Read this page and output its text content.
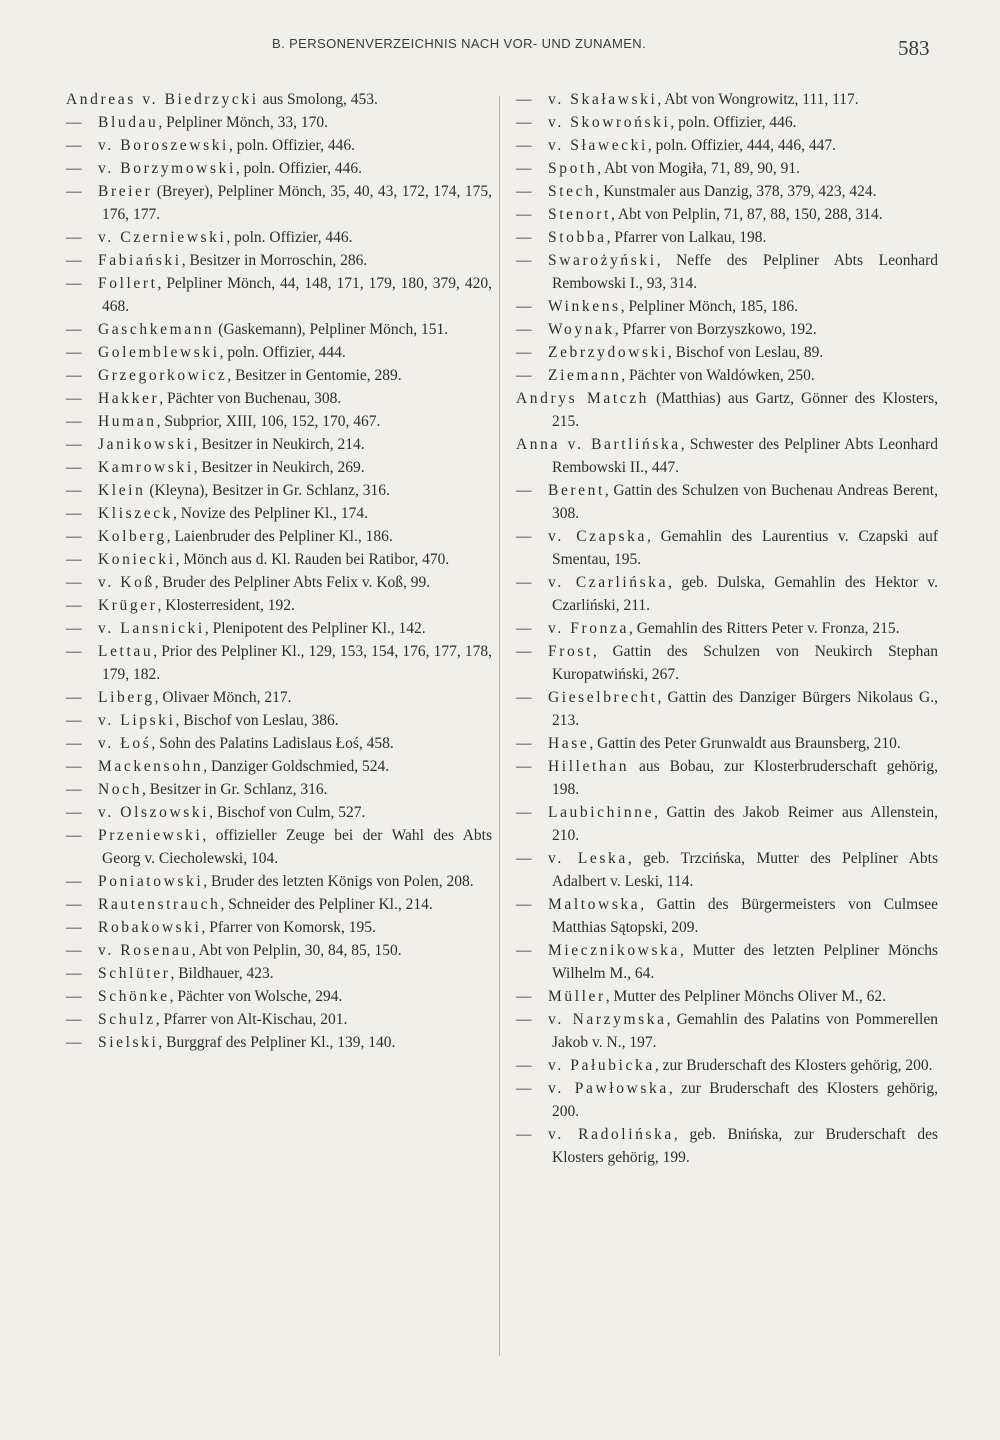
B. PERSONENVERZEICHNIS NACH VOR- UND ZUNAMEN.	583

Andreas v. Biedrzycki aus Smolong, 453.

— Bludau, Pelpliner Mönch, 33, 170.

— v. Boroszewski, poln. Offizier, 446.

— v. Borzymowski, poln. Offizier, 446.

— Breier (Breyer), Pelpliner Mönch, 35, 40, 43, 172, 174, 175, 176, 177.

— v. Czerniewski, poln. Offizier, 446.

— Fabiański, Besitzer in Morroschin, 286.

— Follert, Pelpliner Mönch, 44, 148, 171, 179, 180, 379, 420, 468.

— Gaschkemann (Gaskemann), Pelpliner Mönch, 151.

— Golemblewski, poln. Offizier, 444.

— Grzegorkowicz, Besitzer in Gentomie, 289.

— Hakker, Pächter von Buchenau, 308.

— Human, Subprior, XIII, 106, 152, 170, 467.

— Janikowski, Besitzer in Neukirch, 214.

— Kamrowski, Besitzer in Neukirch, 269.

— Klein (Kleyna), Besitzer in Gr. Schlanz, 316.

— Kliszeck, Novize des Pelpliner Kl., 174.

— Kolberg, Laienbruder des Pelpliner Kl., 186.

— Koniecki, Mönch aus d. Kl. Rauden bei Ratibor, 470.

— v. Koß, Bruder des Pelpliner Abts Felix v. Koß, 99.

— Krüger, Klosterresident, 192.

— v. Lansnicki, Plenipotent des Pelpliner Kl., 142.

— Lettau, Prior des Pelpliner Kl., 129, 153, 154, 176, 177, 178, 179, 182.

— Liberg, Olivaer Mönch, 217.

— v. Lipski, Bischof von Leslau, 386.

— v. Łoś, Sohn des Palatins Ladislaus Łoś, 458.

— Mackensohn, Danziger Goldschmied, 524.

— Noch, Besitzer in Gr. Schlanz, 316.

— v. Olszowski, Bischof von Culm, 527.

— Przeniewski, offizieller Zeuge bei der Wahl des Abts Georg v. Ciecholewski, 104.

— Poniatowski, Bruder des letzten Königs von Polen, 208.

— Rautenstrauch, Schneider des Pelpliner Kl., 214.

— Robakowski, Pfarrer von Komorsk, 195.

— v. Rosenau, Abt von Pelplin, 30, 84, 85, 150.

— Schlüter, Bildhauer, 423.

— Schönke, Pächter von Wolsche, 294.

— Schulz, Pfarrer von Alt-Kischau, 201.

— Sielski, Burggraf des Pelpliner Kl., 139, 140.

— v. Skaławski, Abt von Wongrowitz, 111, 117.

— v. Skowroński, poln. Offizier, 446.

— v. Sławecki, poln. Offizier, 444, 446, 447.

— Spoth, Abt von Mogiła, 71, 89, 90, 91.

— Stech, Kunstmaler aus Danzig, 378, 379, 423, 424.

— Stenort, Abt von Pelplin, 71, 87, 88, 150, 288, 314.

— Stobba, Pfarrer von Lalkau, 198.

— Swarożyński, Neffe des Pelpliner Abts Leonhard Rembowski I., 93, 314.

— Winkens, Pelpliner Mönch, 185, 186.

— Woynak, Pfarrer von Borzyszkowo, 192.

— Zebrzydowski, Bischof von Leslau, 89.

— Ziemann, Pächter von Waldówken, 250.

Andrys Matczh (Matthias) aus Gartz, Gönner des Klosters, 215.

Anna v. Bartlińska, Schwester des Pelpliner Abts Leonhard Rembowski II., 447.

— Berent, Gattin des Schulzen von Buchenau Andreas Berent, 308.

— v. Czapska, Gemahlin des Laurentius v. Czapski auf Smentau, 195.

— v. Czarlińska, geb. Dulska, Gemahlin des Hektor v. Czarliński, 211.

— v. Fronza, Gemahlin des Ritters Peter v. Fronza, 215.

— Frost, Gattin des Schulzen von Neukirch Stephan Kuropatwiński, 267.

— Gieselbrecht, Gattin des Danziger Bürgers Nikolaus G., 213.

— Hase, Gattin des Peter Grunwaldt aus Braunsberg, 210.

— Hillethan aus Bobau, zur Klosterbruderschaft gehörig, 198.

— Laubichinne, Gattin des Jakob Reimer aus Allenstein, 210.

— v. Leska, geb. Trzcińska, Mutter des Pelpliner Abts Adalbert v. Leski, 114.

— Maltowska, Gattin des Bürgermeisters von Culmsee Matthias Sątopski, 209.

— Miecznikowska, Mutter des letzten Pelpliner Mönchs Wilhelm M., 64.

— Müller, Mutter des Pelpliner Mönchs Oliver M., 62.

— v. Narzymska, Gemahlin des Palatins von Pommerellen Jakob v. N., 197.

— v. Pałubicka, zur Bruderschaft des Klosters gehörig, 200.

— v. Pawłowska, zur Bruderschaft des Klosters gehörig, 200.

— v. Radolińska, geb. Bnińska, zur Bruderschaft des Klosters gehörig, 199.
